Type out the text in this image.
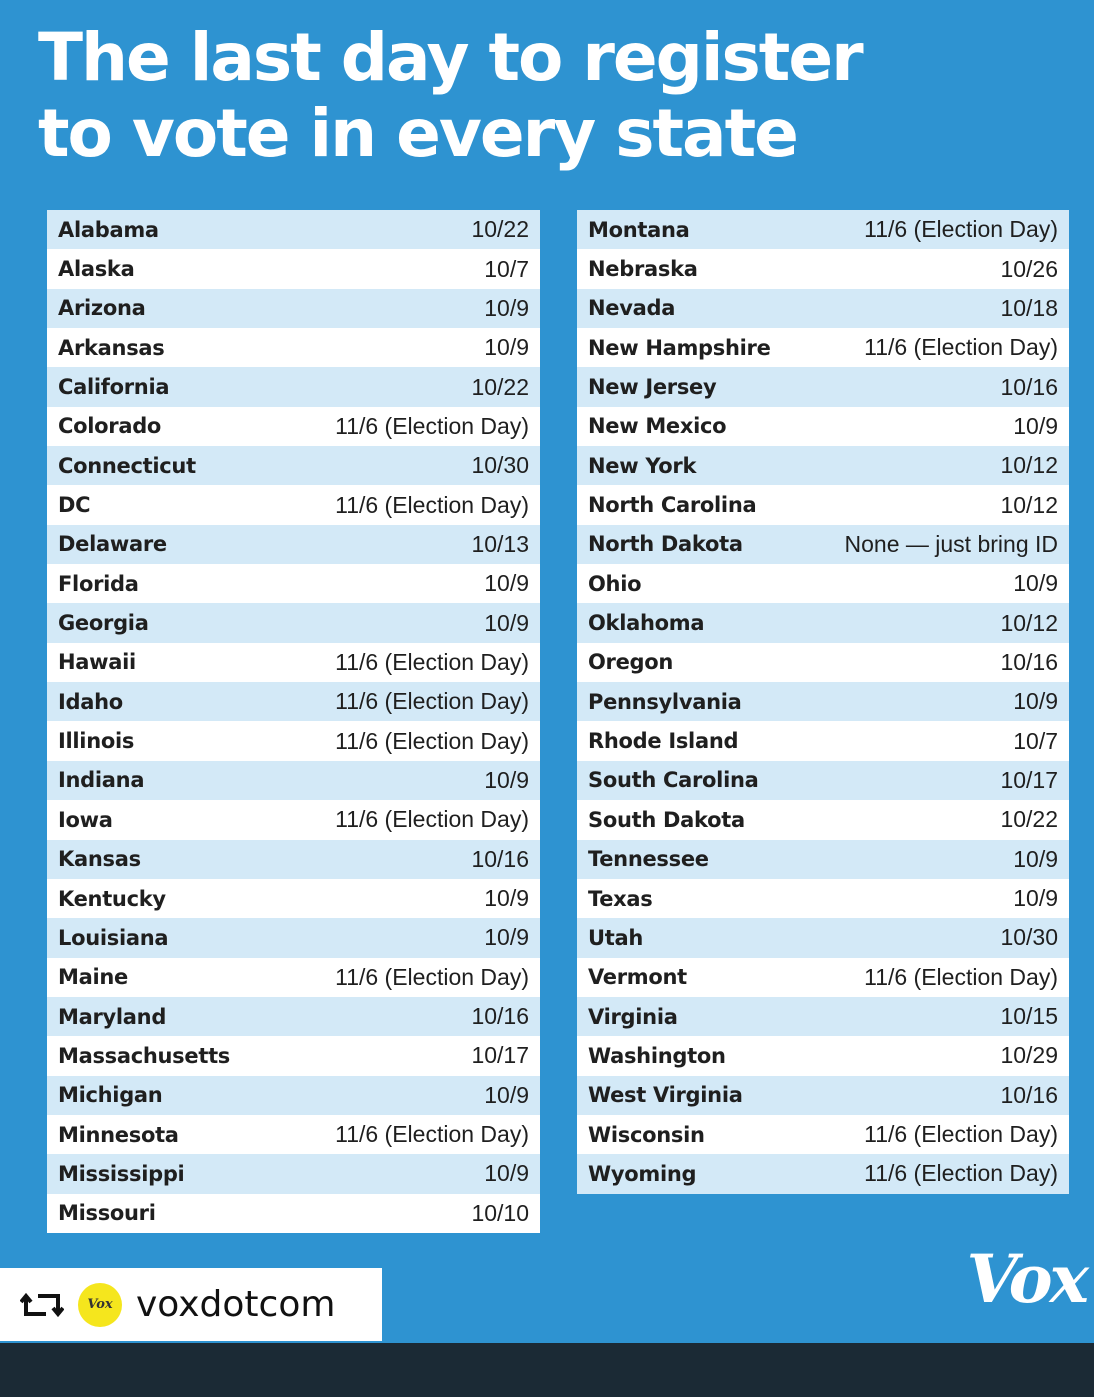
The last day to register
to vote in every state
Alabama	10/22
Alaska	10/7
Arizona	10/9
Arkansas	10/9
California	10/22
Colorado	11/6 (Election Day)
Connecticut	10/30
DC	11/6 (Election Day)
Delaware	10/13
Florida	10/9
Georgia	10/9
Hawaii	11/6 (Election Day)
Idaho	11/6 (Election Day)
Illinois	11/6 (Election Day)
Indiana	10/9
Iowa	11/6 (Election Day)
Kansas	10/16
Kentucky	10/9
Louisiana	10/9
Maine	11/6 (Election Day)
Maryland	10/16
Massachusetts	10/17
Michigan	10/9
Minnesota	11/6 (Election Day)
Mississippi	10/9
Missouri	10/10
Montana	11/6 (Election Day)
Nebraska	10/26
Nevada	10/18
New Hampshire	11/6 (Election Day)
New Jersey	10/16
New Mexico	10/9
New York	10/12
North Carolina	10/12
North Dakota	None — just bring ID
Ohio	10/9
Oklahoma	10/12
Oregon	10/16
Pennsylvania	10/9
Rhode Island	10/7
South Carolina	10/17
South Dakota	10/22
Tennessee	10/9
Texas	10/9
Utah	10/30
Vermont	11/6 (Election Day)
Virginia	10/15
Washington	10/29
West Virginia	10/16
Wisconsin	11/6 (Election Day)
Wyoming	11/6 (Election Day)
Vox
Vox voxdotcom
